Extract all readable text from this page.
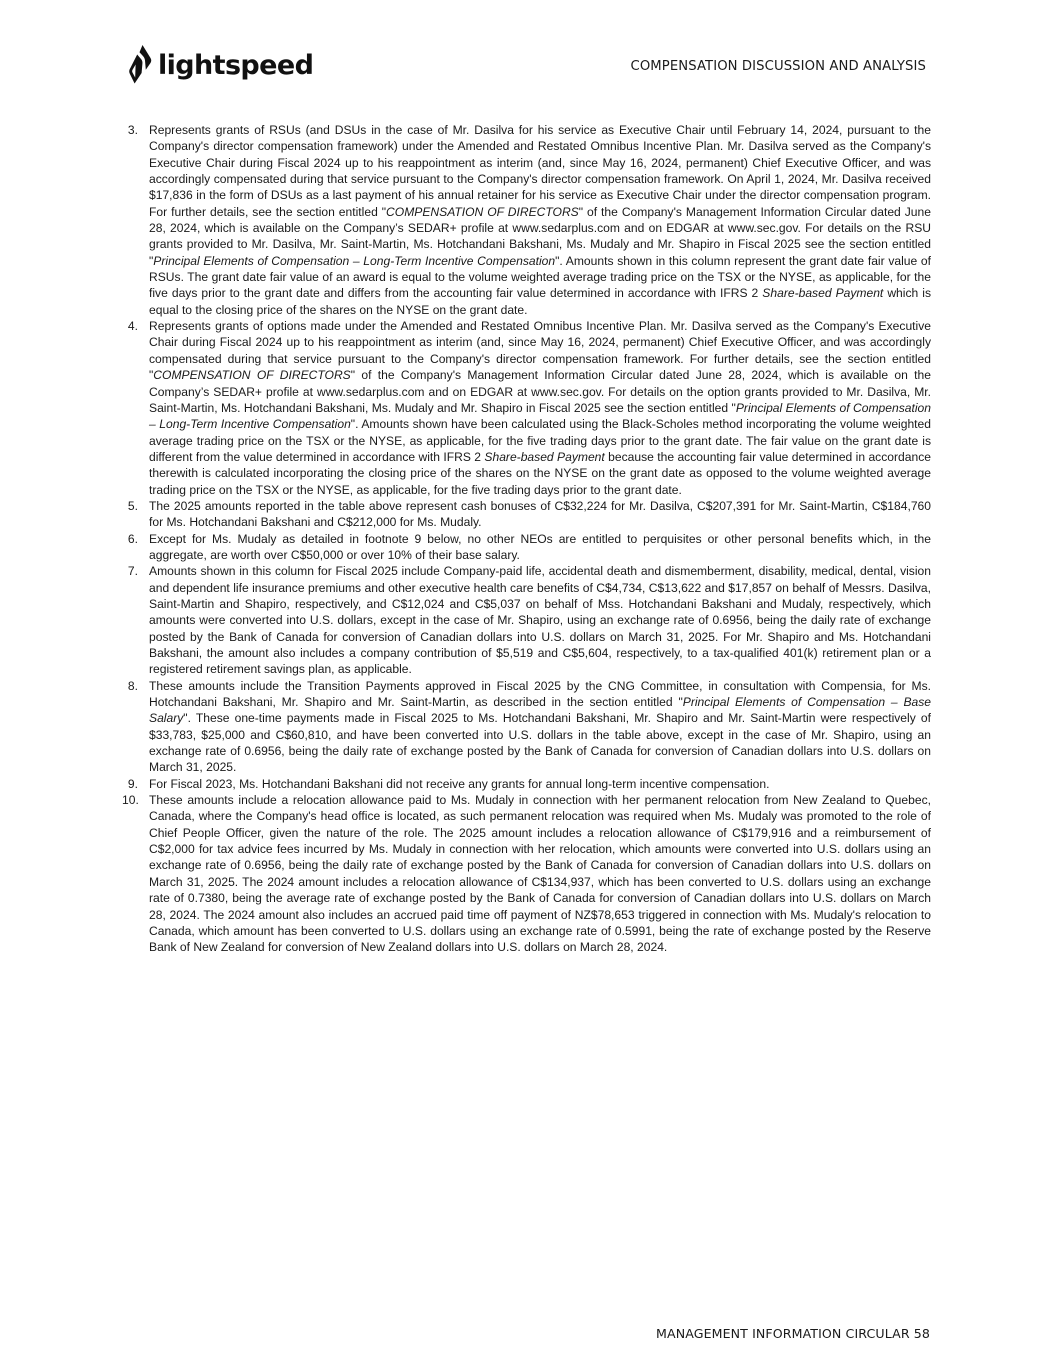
lightspeed	COMPENSATION DISCUSSION AND ANALYSIS
3. Represents grants of RSUs (and DSUs in the case of Mr. Dasilva for his service as Executive Chair until February 14, 2024, pursuant to the Company's director compensation framework) under the Amended and Restated Omnibus Incentive Plan. Mr. Dasilva served as the Company's Executive Chair during Fiscal 2024 up to his reappointment as interim (and, since May 16, 2024, permanent) Chief Executive Officer, and was accordingly compensated during that service pursuant to the Company's director compensation framework. On April 1, 2024, Mr. Dasilva received $17,836 in the form of DSUs as a last payment of his annual retainer for his service as Executive Chair under the director compensation program. For further details, see the section entitled "COMPENSATION OF DIRECTORS" of the Company's Management Information Circular dated June 28, 2024, which is available on the Company’s SEDAR+ profile at www.sedarplus.com and on EDGAR at www.sec.gov. For details on the RSU grants provided to Mr. Dasilva, Mr. Saint-Martin, Ms. Hotchandani Bakshani, Ms. Mudaly and Mr. Shapiro in Fiscal 2025 see the section entitled "Principal Elements of Compensation – Long-Term Incentive Compensation". Amounts shown in this column represent the grant date fair value of RSUs. The grant date fair value of an award is equal to the volume weighted average trading price on the TSX or the NYSE, as applicable, for the five days prior to the grant date and differs from the accounting fair value determined in accordance with IFRS 2 Share-based Payment which is equal to the closing price of the shares on the NYSE on the grant date.
4. Represents grants of options made under the Amended and Restated Omnibus Incentive Plan. Mr. Dasilva served as the Company's Executive Chair during Fiscal 2024 up to his reappointment as interim (and, since May 16, 2024, permanent) Chief Executive Officer, and was accordingly compensated during that service pursuant to the Company's director compensation framework. For further details, see the section entitled "COMPENSATION OF DIRECTORS" of the Company's Management Information Circular dated June 28, 2024, which is available on the Company’s SEDAR+ profile at www.sedarplus.com and on EDGAR at www.sec.gov. For details on the option grants provided to Mr. Dasilva, Mr. Saint-Martin, Ms. Hotchandani Bakshani, Ms. Mudaly and Mr. Shapiro in Fiscal 2025 see the section entitled "Principal Elements of Compensation – Long-Term Incentive Compensation". Amounts shown have been calculated using the Black-Scholes method incorporating the volume weighted average trading price on the TSX or the NYSE, as applicable, for the five trading days prior to the grant date. The fair value on the grant date is different from the value determined in accordance with IFRS 2 Share-based Payment because the accounting fair value determined in accordance therewith is calculated incorporating the closing price of the shares on the NYSE on the grant date as opposed to the volume weighted average trading price on the TSX or the NYSE, as applicable, for the five trading days prior to the grant date.
5. The 2025 amounts reported in the table above represent cash bonuses of C$32,224 for Mr. Dasilva, C$207,391 for Mr. Saint-Martin, C$184,760 for Ms. Hotchandani Bakshani and C$212,000 for Ms. Mudaly.
6. Except for Ms. Mudaly as detailed in footnote 9 below, no other NEOs are entitled to perquisites or other personal benefits which, in the aggregate, are worth over C$50,000 or over 10% of their base salary.
7. Amounts shown in this column for Fiscal 2025 include Company-paid life, accidental death and dismemberment, disability, medical, dental, vision and dependent life insurance premiums and other executive health care benefits of C$4,734, C$13,622 and $17,857 on behalf of Messrs. Dasilva, Saint-Martin and Shapiro, respectively, and C$12,024 and C$5,037 on behalf of Mss. Hotchandani Bakshani and Mudaly, respectively, which amounts were converted into U.S. dollars, except in the case of Mr. Shapiro, using an exchange rate of 0.6956, being the daily rate of exchange posted by the Bank of Canada for conversion of Canadian dollars into U.S. dollars on March 31, 2025. For Mr. Shapiro and Ms. Hotchandani Bakshani, the amount also includes a company contribution of $5,519 and C$5,604, respectively, to a tax-qualified 401(k) retirement plan or a registered retirement savings plan, as applicable.
8. These amounts include the Transition Payments approved in Fiscal 2025 by the CNG Committee, in consultation with Compensia, for Ms. Hotchandani Bakshani, Mr. Shapiro and Mr. Saint-Martin, as described in the section entitled "Principal Elements of Compensation – Base Salary". These one-time payments made in Fiscal 2025 to Ms. Hotchandani Bakshani, Mr. Shapiro and Mr. Saint-Martin were respectively of $33,783, $25,000 and C$60,810, and have been converted into U.S. dollars in the table above, except in the case of Mr. Shapiro, using an exchange rate of 0.6956, being the daily rate of exchange posted by the Bank of Canada for conversion of Canadian dollars into U.S. dollars on March 31, 2025.
9. For Fiscal 2023, Ms. Hotchandani Bakshani did not receive any grants for annual long-term incentive compensation.
10. These amounts include a relocation allowance paid to Ms. Mudaly in connection with her permanent relocation from New Zealand to Quebec, Canada, where the Company's head office is located, as such permanent relocation was required when Ms. Mudaly was promoted to the role of Chief People Officer, given the nature of the role. The 2025 amount includes a relocation allowance of C$179,916 and a reimbursement of C$2,000 for tax advice fees incurred by Ms. Mudaly in connection with her relocation, which amounts were converted into U.S. dollars using an exchange rate of 0.6956, being the daily rate of exchange posted by the Bank of Canada for conversion of Canadian dollars into U.S. dollars on March 31, 2025. The 2024 amount includes a relocation allowance of C$134,937, which has been converted to U.S. dollars using an exchange rate of 0.7380, being the average rate of exchange posted by the Bank of Canada for conversion of Canadian dollars into U.S. dollars on March 28, 2024. The 2024 amount also includes an accrued paid time off payment of NZ$78,653 triggered in connection with Ms. Mudaly's relocation to Canada, which amount has been converted to U.S. dollars using an exchange rate of 0.5991, being the rate of exchange posted by the Reserve Bank of New Zealand for conversion of New Zealand dollars into U.S. dollars on March 28, 2024.
MANAGEMENT INFORMATION CIRCULAR 58
